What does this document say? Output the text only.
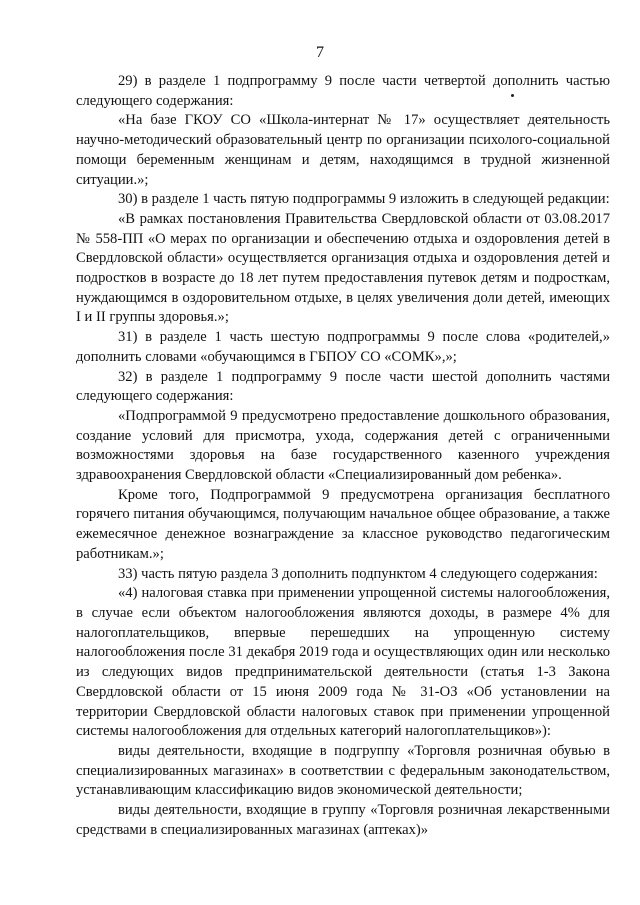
7

29) в разделе 1 подпрограмму 9 после части четвертой дополнить частью следующего содержания:

«На базе ГКОУ СО «Школа-интернат № 17» осуществляет деятельность научно-методический образовательный центр по организации психолого-социальной помощи беременным женщинам и детям, находящимся в трудной жизненной ситуации.»;

30) в разделе 1 часть пятую подпрограммы 9 изложить в следующей редакции:

«В рамках постановления Правительства Свердловской области от 03.08.2017 № 558-ПП «О мерах по организации и обеспечению отдыха и оздоровления детей в Свердловской области» осуществляется организация отдыха и оздоровления детей и подростков в возрасте до 18 лет путем предоставления путевок детям и подросткам, нуждающимся в оздоровительном отдыхе, в целях увеличения доли детей, имеющих I и II группы здоровья.»;

31) в разделе 1 часть шестую подпрограммы 9 после слова «родителей,» дополнить словами «обучающимся в ГБПОУ СО «СОМК»,»;

32) в разделе 1 подпрограмму 9 после части шестой дополнить частями следующего содержания:

«Подпрограммой 9 предусмотрено предоставление дошкольного образования, создание условий для присмотра, ухода, содержания детей с ограниченными возможностями здоровья на базе государственного казенного учреждения здравоохранения Свердловской области «Специализированный дом ребенка».

Кроме того, Подпрограммой 9 предусмотрена организация бесплатного горячего питания обучающимся, получающим начальное общее образование, а также ежемесячное денежное вознаграждение за классное руководство педагогическим работникам.»;

33) часть пятую раздела 3 дополнить подпунктом 4 следующего содержания:

«4) налоговая ставка при применении упрощенной системы налогообложения, в случае если объектом налогообложения являются доходы, в размере 4% для налогоплательщиков, впервые перешедших на упрощенную систему налогообложения после 31 декабря 2019 года и осуществляющих один или несколько из следующих видов предпринимательской деятельности (статья 1-3 Закона Свердловской области от 15 июня 2009 года № 31-ОЗ «Об установлении на территории Свердловской области налоговых ставок при применении упрощенной системы налогообложения для отдельных категорий налогоплательщиков»):

виды деятельности, входящие в подгруппу «Торговля розничная обувью в специализированных магазинах» в соответствии с федеральным законодательством, устанавливающим классификацию видов экономической деятельности;

виды деятельности, входящие в группу «Торговля розничная лекарственными средствами в специализированных магазинах (аптеках)»
